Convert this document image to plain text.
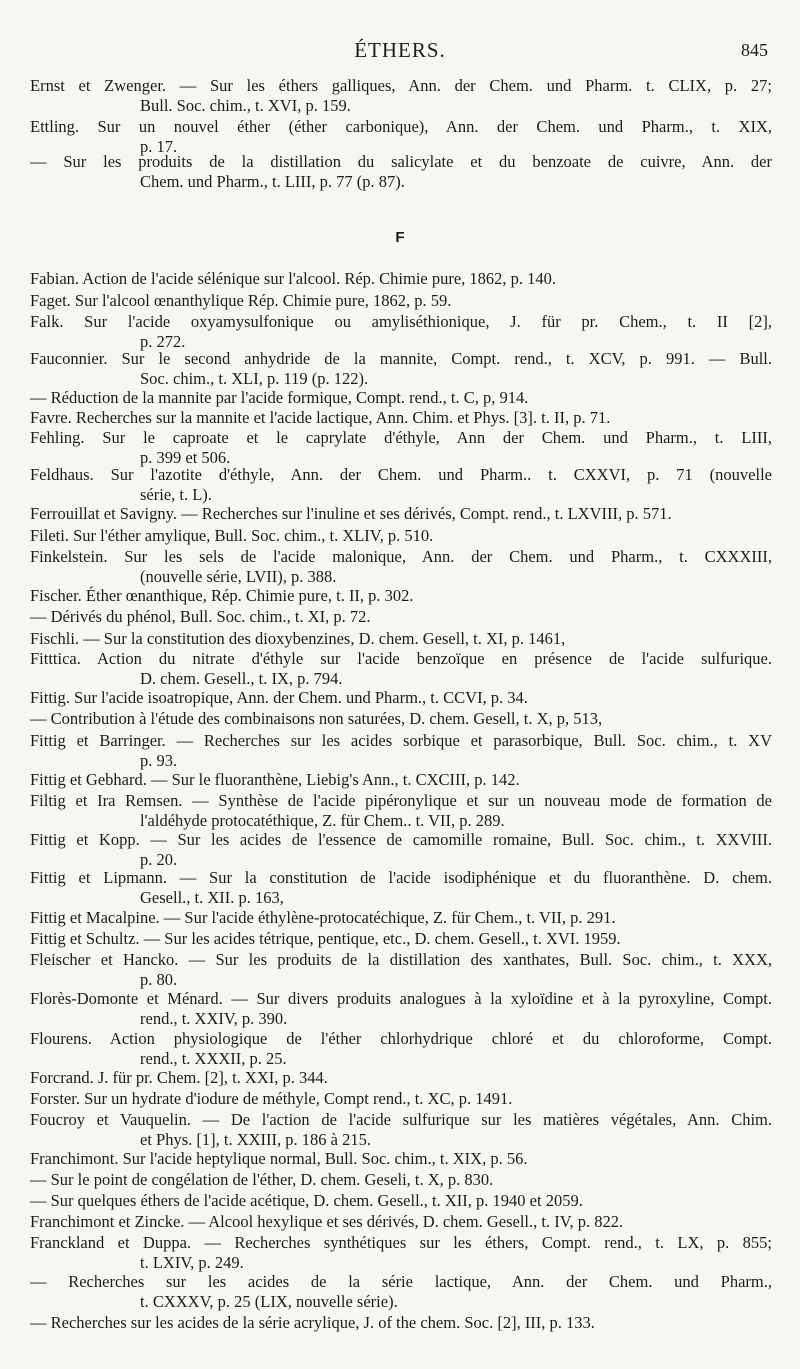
ÉTHERS.	845
F
Ernst et Zwenger. — Sur les éthers galliques, Ann. der Chem. und Pharm. t. CLIX, p. 27;
Bull. Soc. chim., t. XVI, p. 159.
Ettling. Sur un nouvel éther (éther carbonique), Ann. der Chem. und Pharm., t. XIX,
p. 17.
— Sur les produits de la distillation du salicylate et du benzoate de cuivre, Ann. der
Chem. und Pharm., t. LIII, p. 77 (p. 87).
Fabian. Action de l'acide sélénique sur l'alcool. Rép. Chimie pure, 1862, p. 140.
Faget. Sur l'alcool œnanthylique Rép. Chimie pure, 1862, p. 59.
Falk. Sur l'acide oxyamysulfonique ou amyliséthionique, J. für pr. Chem., t. II [2],
p. 272.
Fauconnier. Sur le second anhydride de la mannite, Compt. rend., t. XCV, p. 991. — Bull.
Soc. chim., t. XLI, p. 119 (p. 122).
— Réduction de la mannite par l'acide formique, Compt. rend., t. C, p, 914.
Favre. Recherches sur la mannite et l'acide lactique, Ann. Chim. et Phys. [3]. t. II, p. 71.
Fehling. Sur le caproate et le caprylate d'éthyle, Ann der Chem. und Pharm., t. LIII,
p. 399 et 506.
Feldhaus. Sur l'azotite d'éthyle, Ann. der Chem. und Pharm.. t. CXXVI, p. 71 (nouvelle
série, t. L).
Ferrouillat et Savigny. — Recherches sur l'inuline et ses dérivés, Compt. rend., t. LXVIII, p. 571.
Fileti. Sur l'éther amylique, Bull. Soc. chim., t. XLIV, p. 510.
Finkelstein. Sur les sels de l'acide malonique, Ann. der Chem. und Pharm., t. CXXXIII,
(nouvelle série, LVII), p. 388.
Fischer. Éther œnanthique, Rép. Chimie pure, t. II, p. 302.
— Dérivés du phénol, Bull. Soc. chim., t. XI, p. 72.
Fischli. — Sur la constitution des dioxybenzines, D. chem. Gesell, t. XI, p. 1461,
Fitttica. Action du nitrate d'éthyle sur l'acide benzoïque en présence de l'acide sulfurique.
D. chem. Gesell., t. IX, p. 794.
Fittig. Sur l'acide isoatropique, Ann. der Chem. und Pharm., t. CCVI, p. 34.
— Contribution à l'étude des combinaisons non saturées, D. chem. Gesell, t. X, p, 513,
Fittig et Barringer. — Recherches sur les acides sorbique et parasorbique, Bull. Soc. chim., t. XV
p. 93.
Fittig et Gebhard. — Sur le fluoranthène, Liebig's Ann., t. CXCIII, p. 142.
Filtig et Ira Remsen. — Synthèse de l'acide pipéronylique et sur un nouveau mode de formation de
l'aldéhyde protocatéthique, Z. für Chem.. t. VII, p. 289.
Fittig et Kopp. — Sur les acides de l'essence de camomille romaine, Bull. Soc. chim., t. XXVIII.
p. 20.
Fittig et Lipmann. — Sur la constitution de l'acide isodiphénique et du fluoranthène. D. chem.
Gesell., t. XII. p. 163,
Fittig et Macalpine. — Sur l'acide éthylène-protocatéchique, Z. für Chem., t. VII, p. 291.
Fittig et Schultz. — Sur les acides tétrique, pentique, etc., D. chem. Gesell., t. XVI. 1959.
Fleischer et Hancko. — Sur les produits de la distillation des xanthates, Bull. Soc. chim., t. XXX,
p. 80.
Florès-Domonte et Ménard. — Sur divers produits analogues à la xyloïdine et à la pyroxyline, Compt.
rend., t. XXIV, p. 390.
Flourens. Action physiologique de l'éther chlorhydrique chloré et du chloroforme, Compt.
rend., t. XXXII, p. 25.
Forcrand. J. für pr. Chem. [2], t. XXI, p. 344.
Forster. Sur un hydrate d'iodure de méthyle, Compt rend., t. XC, p. 1491.
Foucroy et Vauquelin. — De l'action de l'acide sulfurique sur les matières végétales, Ann. Chim.
et Phys. [1], t. XXIII, p. 186 à 215.
Franchimont. Sur l'acide heptylique normal, Bull. Soc. chim., t. XIX, p. 56.
— Sur le point de congélation de l'éther, D. chem. Geseli, t. X, p. 830.
— Sur quelques éthers de l'acide acétique, D. chem. Gesell., t. XII, p. 1940 et 2059.
Franchimont et Zincke. — Alcool hexylique et ses dérivés, D. chem. Gesell., t. IV, p. 822.
Franckland et Duppa. — Recherches synthétiques sur les éthers, Compt. rend., t. LX, p. 855;
t. LXIV, p. 249.
— Recherches sur les acides de la série lactique, Ann. der Chem. und Pharm.,
t. CXXXV, p. 25 (LIX, nouvelle série).
— Recherches sur les acides de la série acrylique, J. of the chem. Soc. [2], III, p. 133.
